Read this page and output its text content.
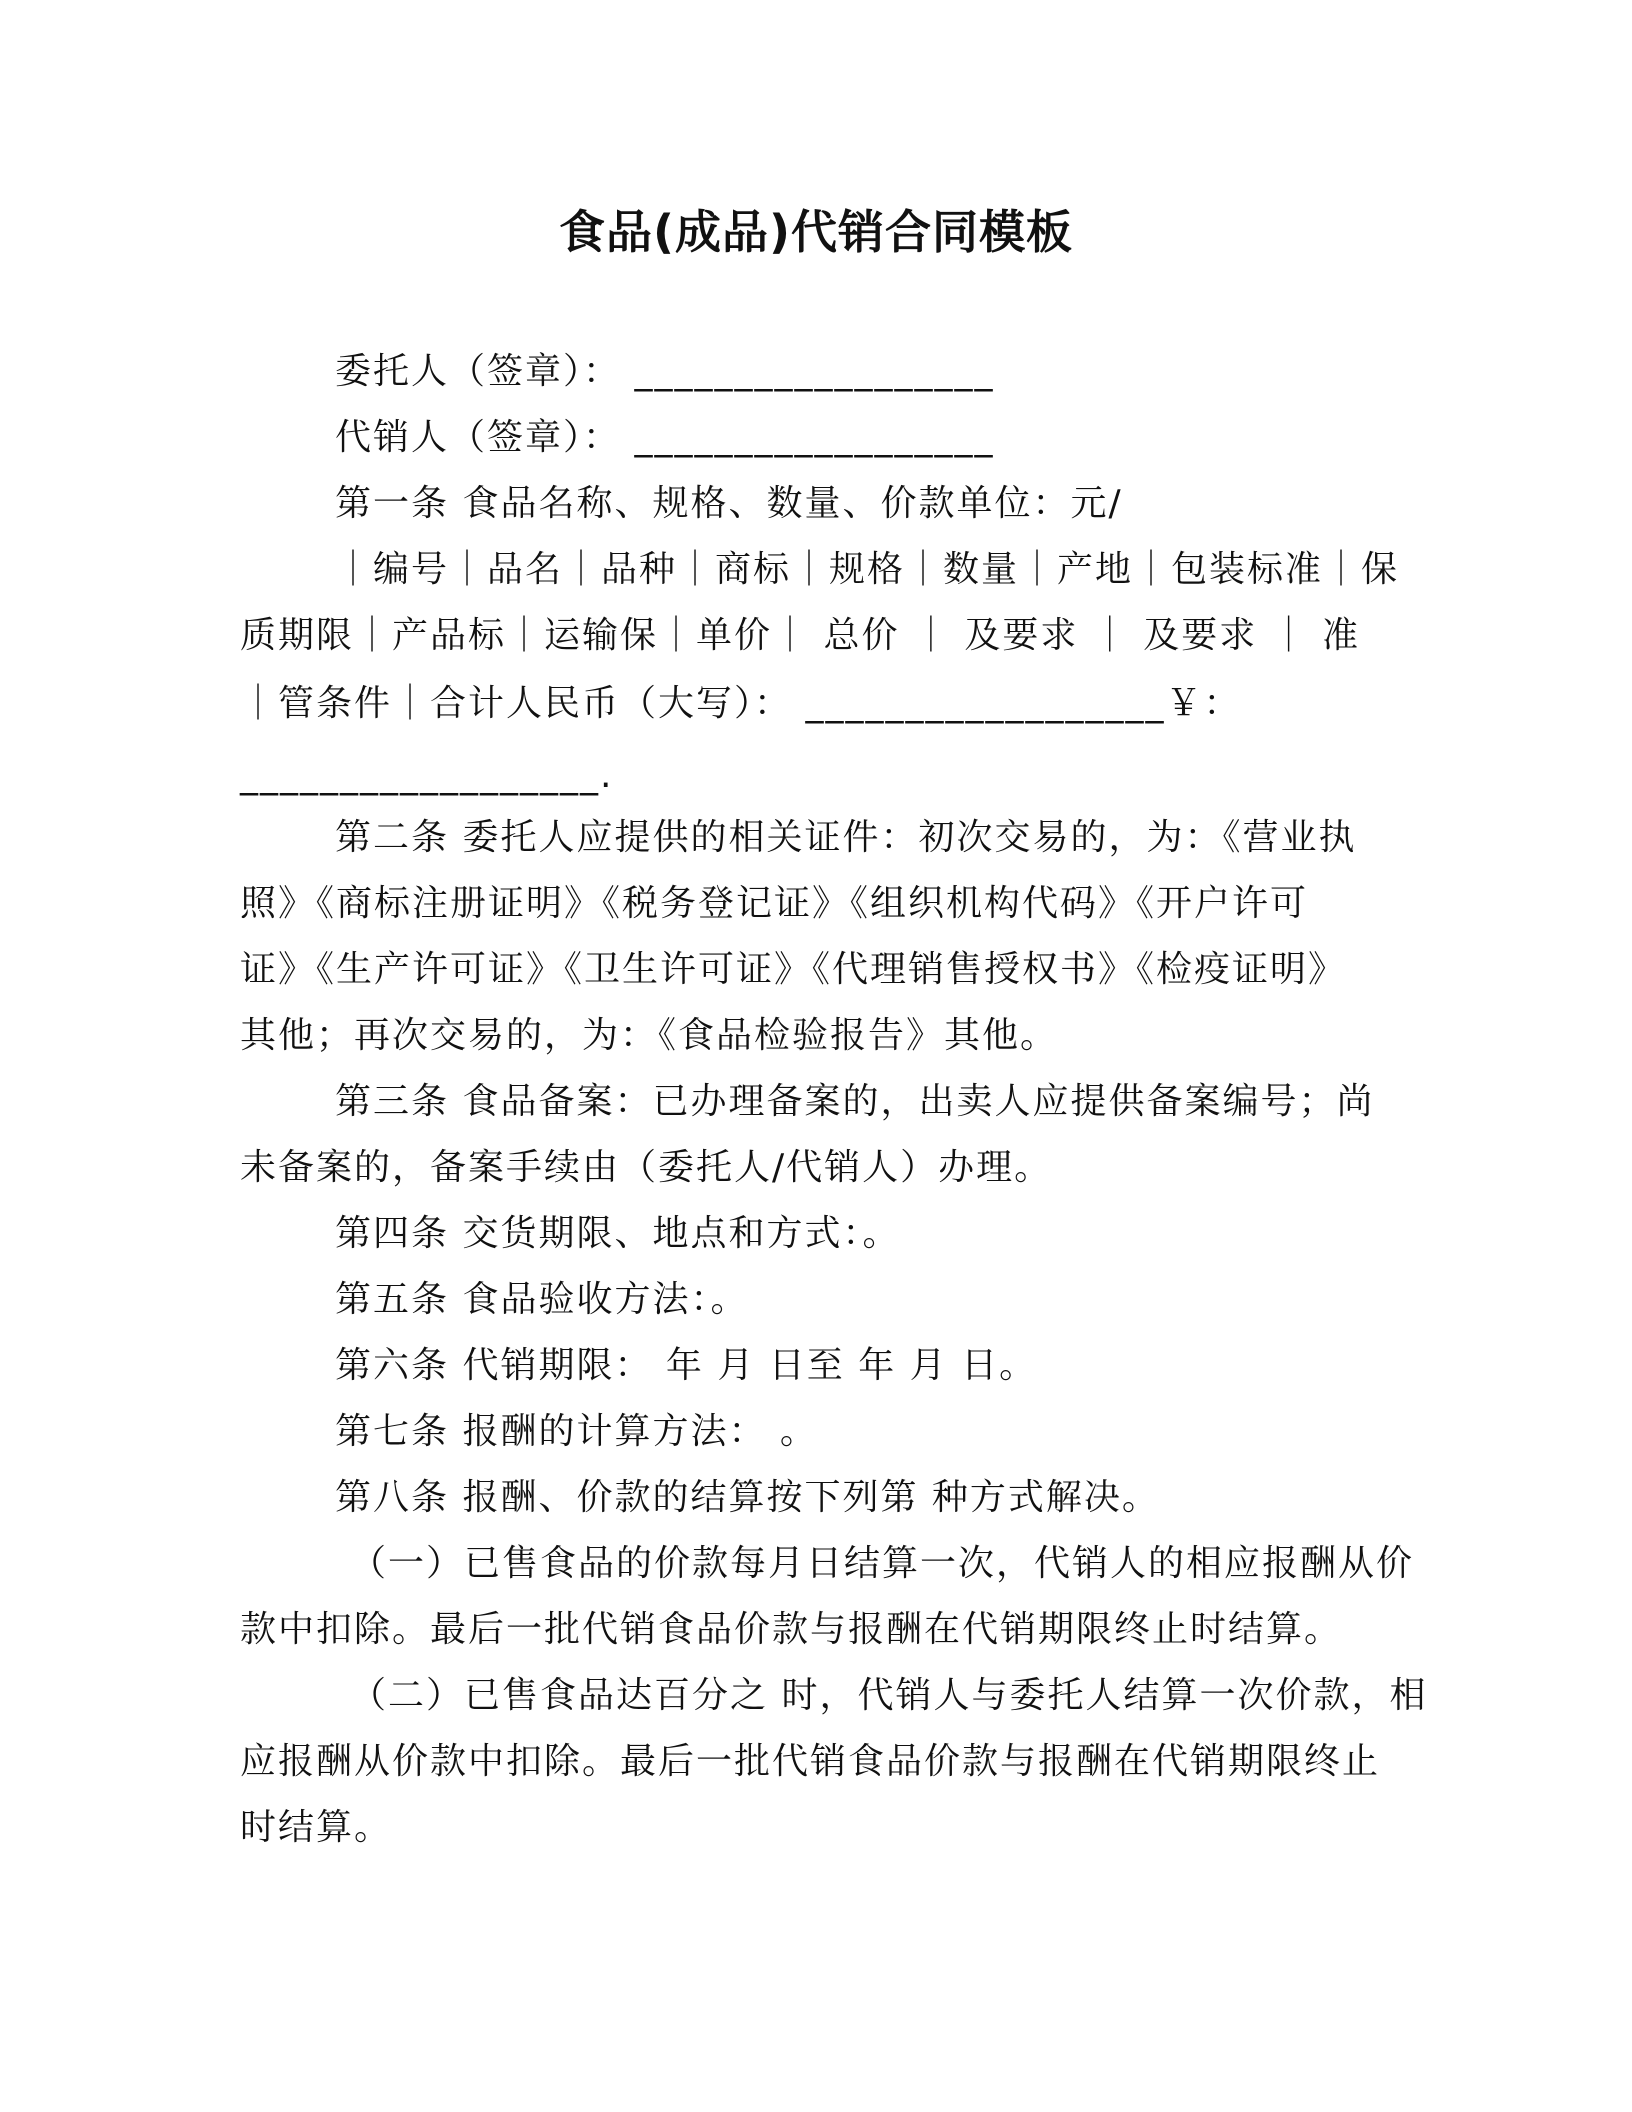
食品(成品)代销合同模板
委托人（签章）： __________________
代销人（签章）： __________________
第一条 食品名称、规格、数量、价款单位：元/
｜编号｜品名｜品种｜商标｜规格｜数量｜产地｜包装标准｜保
质期限｜产品标｜运输保｜单价｜ 总价 ｜ 及要求 ｜ 及要求 ｜ 准
｜管条件｜合计人民币（大写）： __________________￥：
__________________.
第二条 委托人应提供的相关证件：初次交易的，为：《营业执
照》《商标注册证明》《税务登记证》《组织机构代码》《开户许可
证》《生产许可证》《卫生许可证》《代理销售授权书》《检疫证明》
其他；再次交易的，为：《食品检验报告》其他。
第三条 食品备案：已办理备案的，出卖人应提供备案编号；尚
未备案的，备案手续由（委托人/代销人）办理。
第四条 交货期限、地点和方式：。
第五条 食品验收方法：。
第六条 代销期限： 年 月 日至 年 月 日。
第七条 报酬的计算方法： 。
第八条 报酬、价款的结算按下列第 种方式解决。
（一）已售食品的价款每月日结算一次，代销人的相应报酬从价
款中扣除。最后一批代销食品价款与报酬在代销期限终止时结算。
（二）已售食品达百分之 时，代销人与委托人结算一次价款，相
应报酬从价款中扣除。最后一批代销食品价款与报酬在代销期限终止
时结算。
